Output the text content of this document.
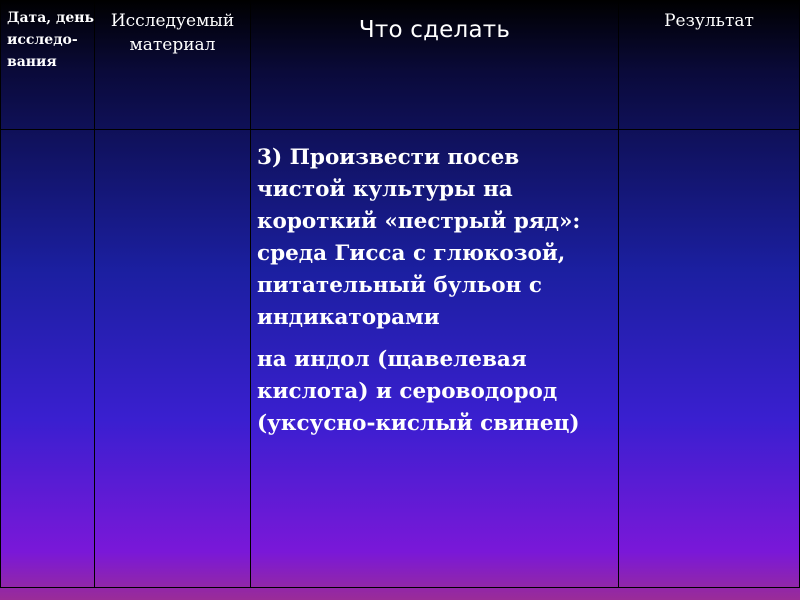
Дата, день исследо-вания	Исследуемый материал	Что сделать	Результат

		3) Произвести посев чистой культуры на короткий «пестрый ряд»: среда Гисса с глюкозой, питательный бульон с индикаторами

на индол (щавелевая кислота) и сероводород (уксусно-кислый свинец)	
